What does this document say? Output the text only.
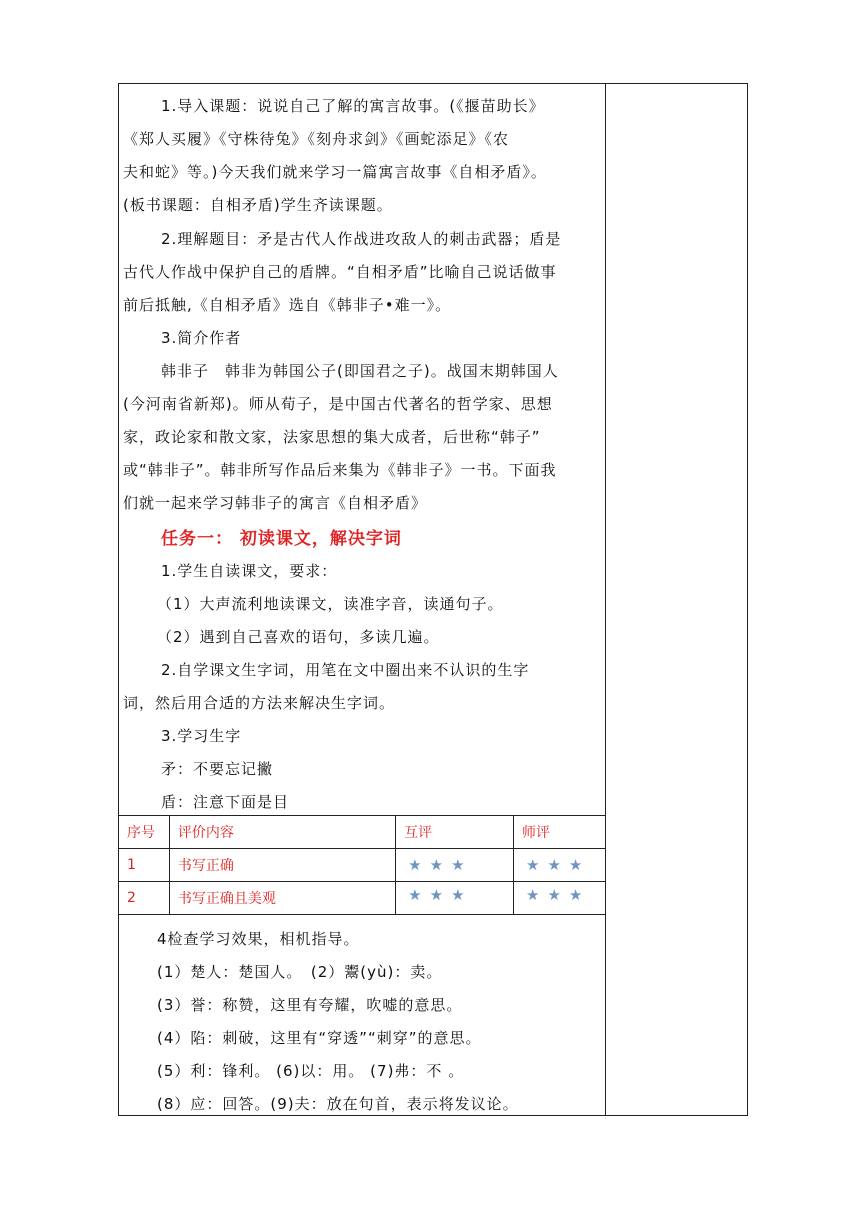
1.导入课题：说说自己了解的寓言故事。(《揠苗助长》
《郑人买履》《守株待兔》《刻舟求剑》《画蛇添足》《农
夫和蛇》等。)今天我们就来学习一篇寓言故事《自相矛盾》。
(板书课题：自相矛盾)学生齐读课题。
2.理解题目：矛是古代人作战进攻敌人的刺击武器；盾是
古代人作战中保护自己的盾牌。“自相矛盾”比喻自己说话做事
前后抵触,《自相矛盾》选自《韩非子•难一》。
3.简介作者
韩非子　韩非为韩国公子(即国君之子)。战国末期韩国人
(今河南省新郑)。师从荀子，是中国古代著名的哲学家、思想
家，政论家和散文家，法家思想的集大成者，后世称“韩子”
或“韩非子”。韩非所写作品后来集为《韩非子》一书。下面我
们就一起来学习韩非子的寓言《自相矛盾》
任务一： 初读课文，解决字词
1.学生自读课文，要求：
（1）大声流利地读课文，读准字音，读通句子。
（2）遇到自己喜欢的语句，多读几遍。
2.自学课文生字词，用笔在文中圈出来不认识的生字
词，然后用合适的方法来解决生字词。
3.学习生字
矛：不要忘记撇
盾：注意下面是目
序号	评价内容	互评	师评
1	书写正确	★★★	★★★
2	书写正确且美观	★★★	★★★
4检查学习效果，相机指导。
(1）楚人：楚国人。　(2）鬻(yù)：卖。
(3）誉：称赞，这里有夸耀，吹嘘的意思。
(4）陷：刺破，这里有“穿透”“刺穿”的意思。
(5）利：锋利。 (6)以：用。 (7)弗：不 。
(8）应：回答。(9)夫：放在句首，表示将发议论。
